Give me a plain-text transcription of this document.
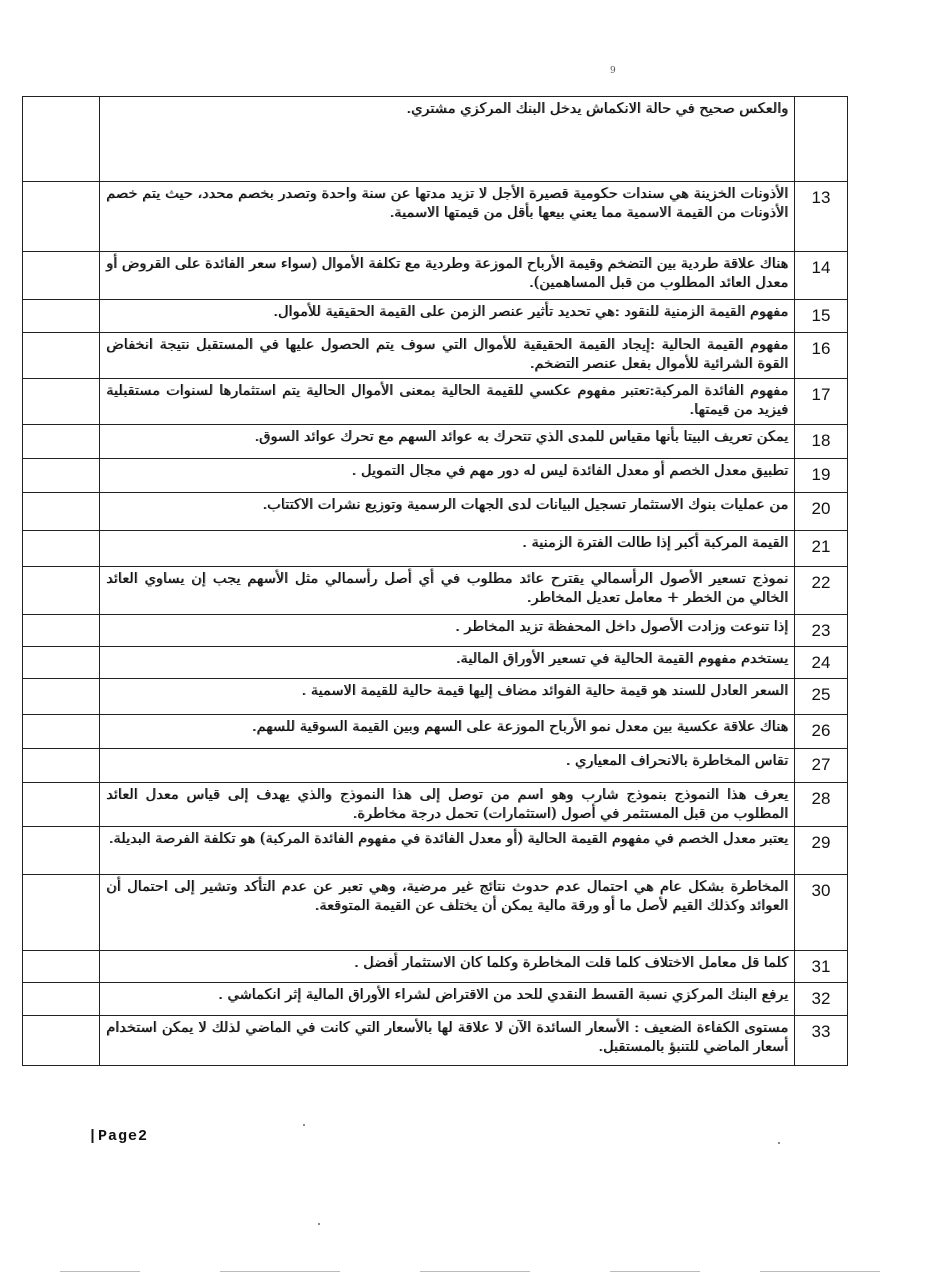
9
	والعكس صحيح في حالة الانكماش يدخل البنك المركزي مشتري.	
	الأذونات الخزينة هي سندات حكومية قصيرة الأجل لا تزيد مدتها عن سنة واحدة وتصدر بخصم محدد، حيث يتم خصم الأذونات من القيمة الاسمية مما يعني بيعها بأقل من قيمتها الاسمية.	13
	هناك علاقة طردية بين التضخم وقيمة الأرباح الموزعة وطردية مع تكلفة الأموال (سواء سعر الفائدة على القروض أو معدل العائد المطلوب من قبل المساهمين).	14
	مفهوم القيمة الزمنية للنقود :هي تحديد تأثير عنصر الزمن على القيمة الحقيقية للأموال.	15
	مفهوم القيمة الحالية :إيجاد القيمة الحقيقية للأموال التي سوف يتم الحصول عليها في المستقبل نتيجة انخفاض القوة الشرائية للأموال بفعل عنصر التضخم.	16
	مفهوم الفائدة المركبة:تعتبر مفهوم عكسي للقيمة الحالية بمعنى الأموال الحالية يتم استثمارها لسنوات مستقبلية فيزيد من قيمتها.	17
	يمكن تعريف البيتا بأنها مقياس للمدى الذي تتحرك به عوائد السهم مع تحرك عوائد السوق.	18
	تطبيق معدل الخصم أو معدل الفائدة ليس له دور مهم في مجال التمويل .	19
	من عمليات بنوك الاستثمار تسجيل البيانات لدى الجهات الرسمية وتوزيع نشرات الاكتتاب.	20
	القيمة المركبة أكبر إذا طالت الفترة الزمنية .	21
	نموذج تسعير الأصول الرأسمالي يقترح عائد مطلوب في أي أصل رأسمالي مثل الأسهم يجب إن يساوي العائد الخالي من الخطر + معامل تعديل المخاطر.	22
	إذا تنوعت وزادت الأصول داخل المحفظة تزيد المخاطر .	23
	يستخدم مفهوم القيمة الحالية في تسعير الأوراق المالية.	24
	السعر العادل للسند هو قيمة حالية الفوائد مضاف إليها قيمة حالية للقيمة الاسمية .	25
	هناك علاقة عكسية بين معدل نمو الأرباح الموزعة على السهم وبين القيمة السوقية للسهم.	26
	تقاس المخاطرة بالانحراف المعياري .	27
	يعرف هذا النموذج بنموذج شارب وهو اسم من توصل إلى هذا النموذج والذي يهدف إلى قياس معدل العائد المطلوب من قبل المستثمر في أصول (استثمارات) تحمل درجة مخاطرة.	28
	يعتبر معدل الخصم في مفهوم القيمة الحالية (أو معدل الفائدة في مفهوم الفائدة المركبة) هو تكلفة الفرصة البديلة.	29
	المخاطرة بشكل عام هي احتمال عدم حدوث نتائج غير مرضية، وهي تعبر عن عدم التأكد وتشير إلى احتمال أن العوائد وكذلك القيم لأصل ما أو ورقة مالية يمكن أن يختلف عن القيمة المتوقعة.	30
	كلما قل معامل الاختلاف كلما قلت المخاطرة وكلما كان الاستثمار أفضل .	31
	يرفع البنك المركزي نسبة القسط النقدي للحد من الاقتراض لشراء الأوراق المالية إثر انكماشي .	32
	مستوى الكفاءة الضعيف : الأسعار السائدة الآن لا علاقة لها بالأسعار التي كانت في الماضي لذلك لا يمكن استخدام أسعار الماضي للتنبؤ بالمستقبل.	33
|Page2
